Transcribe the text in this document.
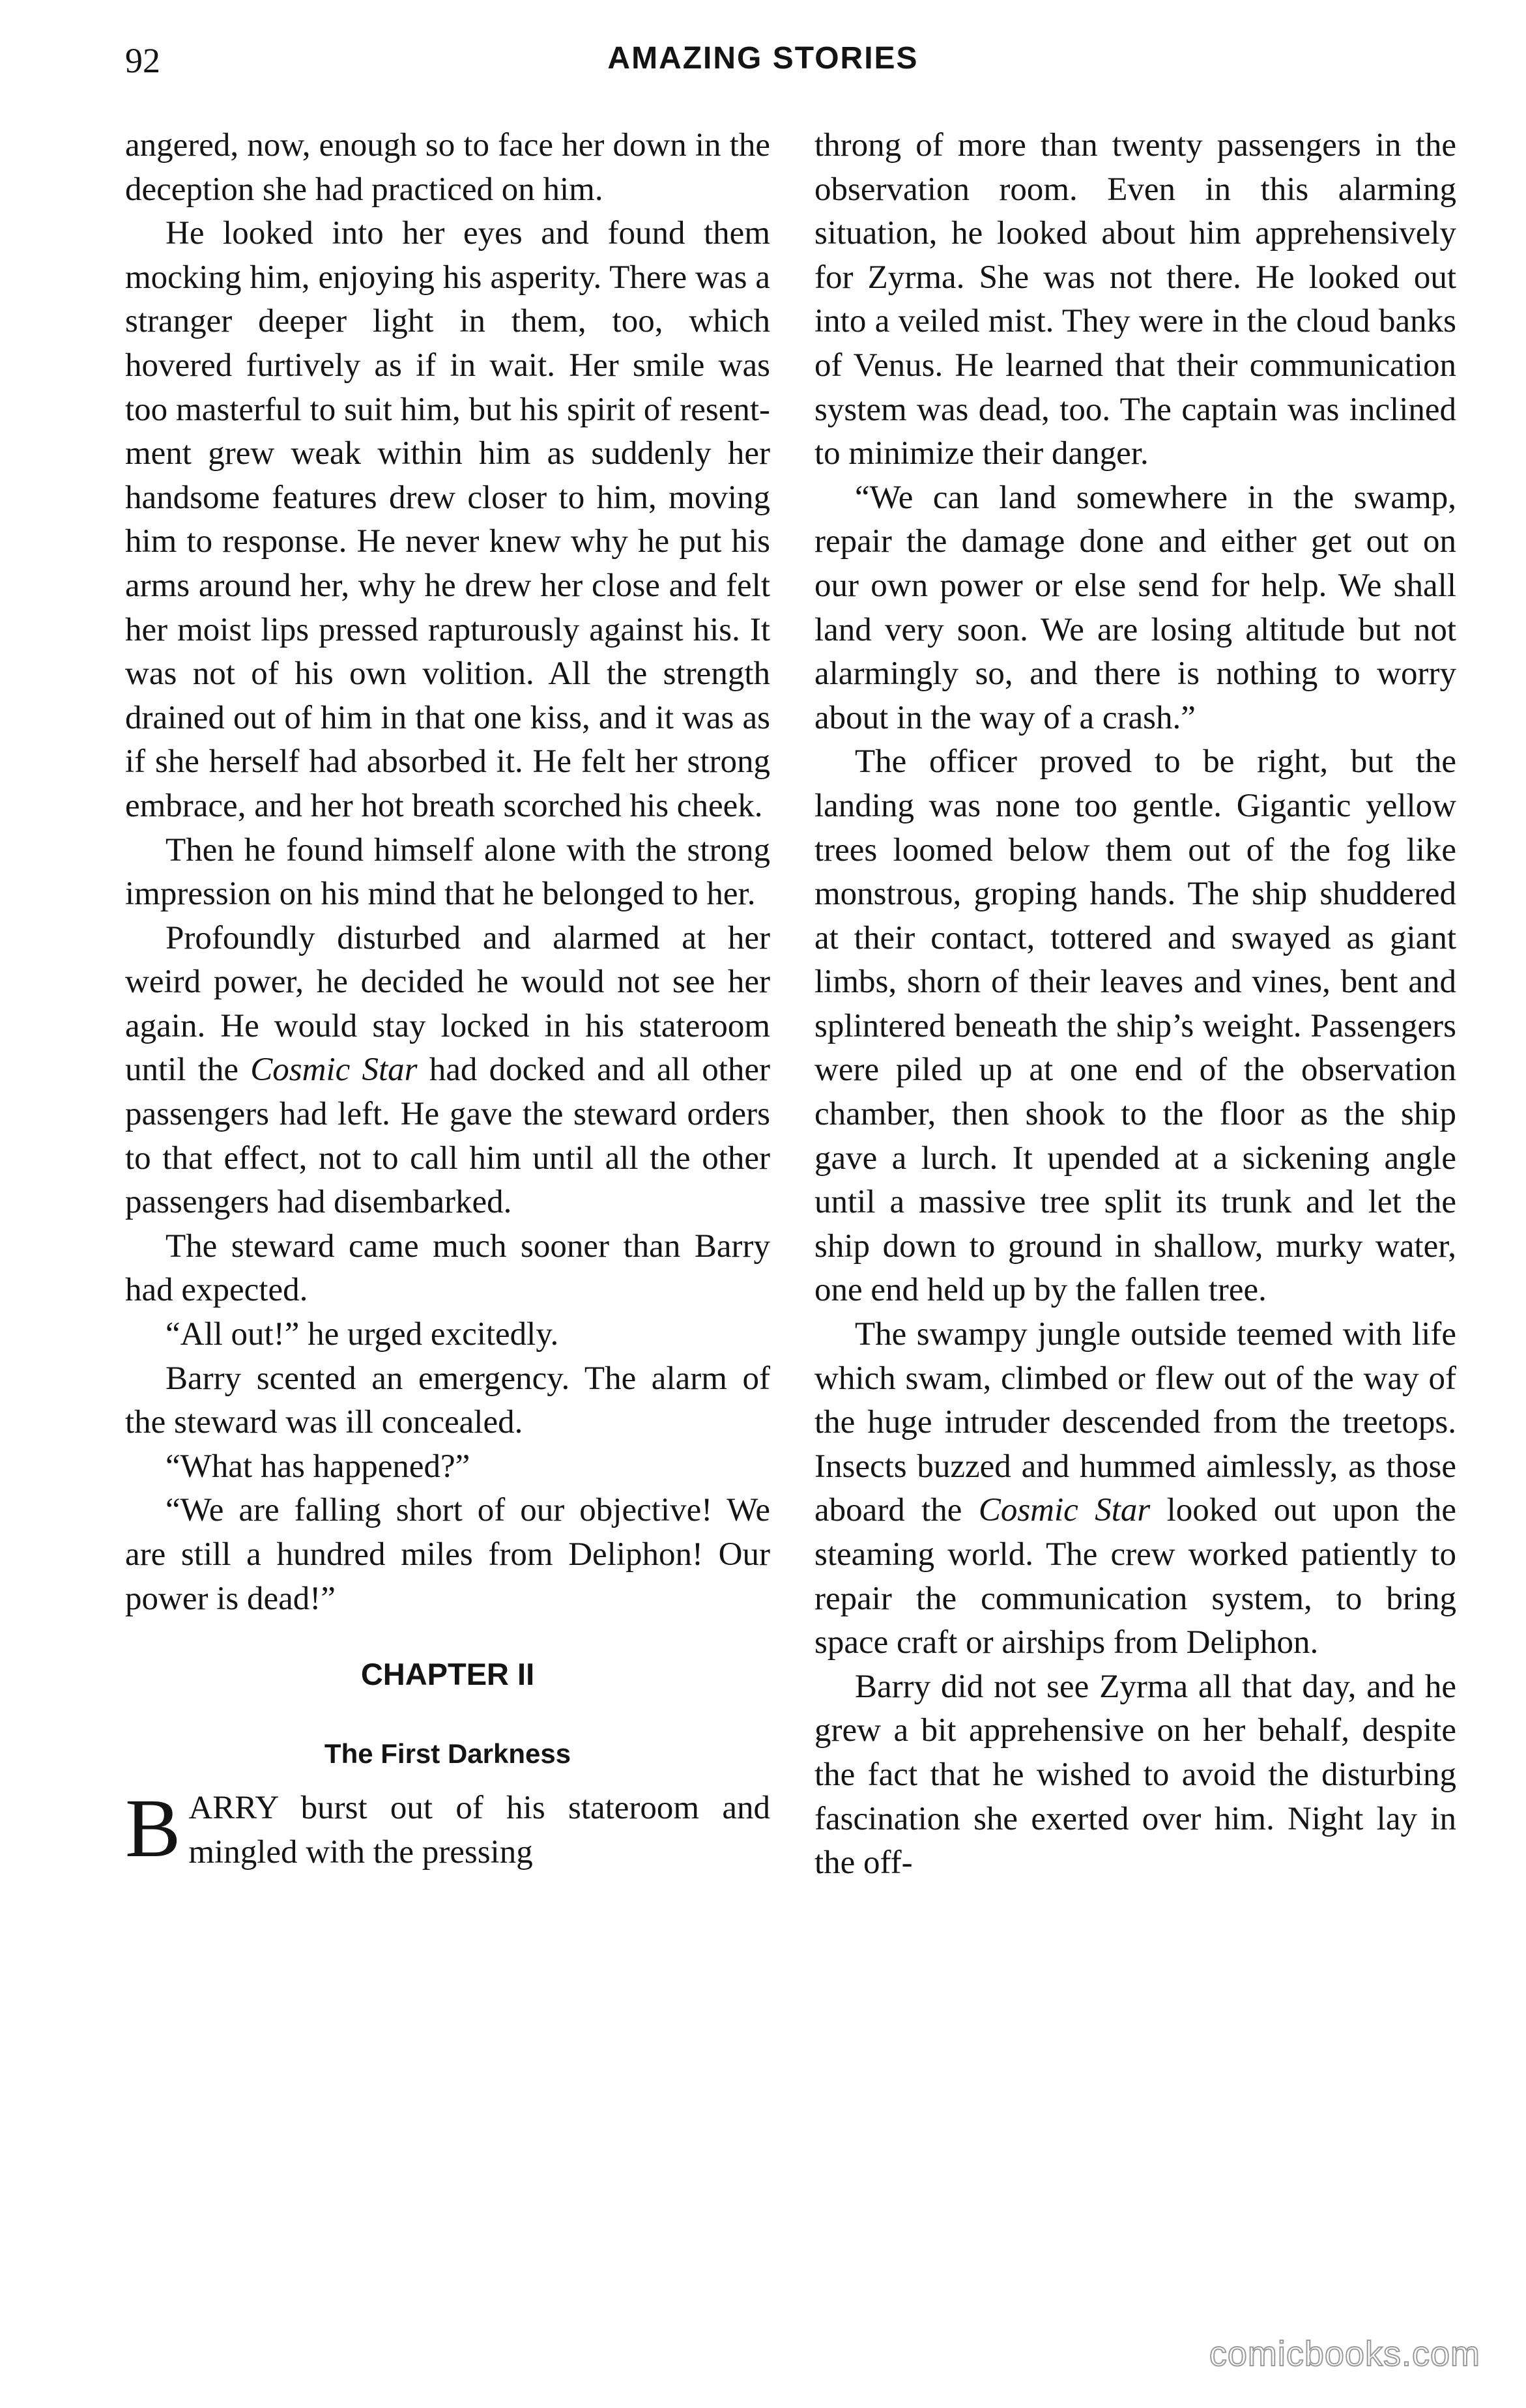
92	AMAZING STORIES

angered, now, enough so to face her down in the deception she had practiced on him.

He looked into her eyes and found them mocking him, enjoying his asperity. There was a stranger deeper light in them, too, which hovered furtively as if in wait. Her smile was too masterful to suit him, but his spirit of resentment grew weak within him as suddenly her handsome features drew closer to him, moving him to response. He never knew why he put his arms around her, why he drew her close and felt her moist lips pressed rapturously against his. It was not of his own volition. All the strength drained out of him in that one kiss, and it was as if she herself had absorbed it. He felt her strong embrace, and her hot breath scorched his cheek.

Then he found himself alone with the strong impression on his mind that he belonged to her.

Profoundly disturbed and alarmed at her weird power, he decided he would not see her again. He would stay locked in his stateroom until the Cosmic Star had docked and all other passengers had left. He gave the steward orders to that effect, not to call him until all the other passengers had disembarked.

The steward came much sooner than Barry had expected.

“All out!” he urged excitedly.

Barry scented an emergency. The alarm of the steward was ill concealed.

“What has happened?”

“We are falling short of our objective! We are still a hundred miles from Deliphon! Our power is dead!”

CHAPTER II
The First Darkness

BARRY burst out of his stateroom and mingled with the pressing

throng of more than twenty passengers in the observation room. Even in this alarming situation, he looked about him apprehensively for Zyrma. She was not there. He looked out into a veiled mist. They were in the cloud banks of Venus. He learned that their communication system was dead, too. The captain was inclined to minimize their danger.

“We can land somewhere in the swamp, repair the damage done and either get out on our own power or else send for help. We shall land very soon. We are losing altitude but not alarmingly so, and there is nothing to worry about in the way of a crash.”

The officer proved to be right, but the landing was none too gentle. Gigantic yellow trees loomed below them out of the fog like monstrous, groping hands. The ship shuddered at their contact, tottered and swayed as giant limbs, shorn of their leaves and vines, bent and splintered beneath the ship’s weight. Passengers were piled up at one end of the observation chamber, then shook to the floor as the ship gave a lurch. It upended at a sickening angle until a massive tree split its trunk and let the ship down to ground in shallow, murky water, one end held up by the fallen tree.

The swampy jungle outside teemed with life which swam, climbed or flew out of the way of the huge intruder descended from the treetops. Insects buzzed and hummed aimlessly, as those aboard the Cosmic Star looked out upon the steaming world. The crew worked patiently to repair the communication system, to bring space craft or airships from Deliphon.

Barry did not see Zyrma all that day, and he grew a bit apprehensive on her behalf, despite the fact that he wished to avoid the disturbing fascination she exerted over him. Night lay in the off-

comicbooks.com
